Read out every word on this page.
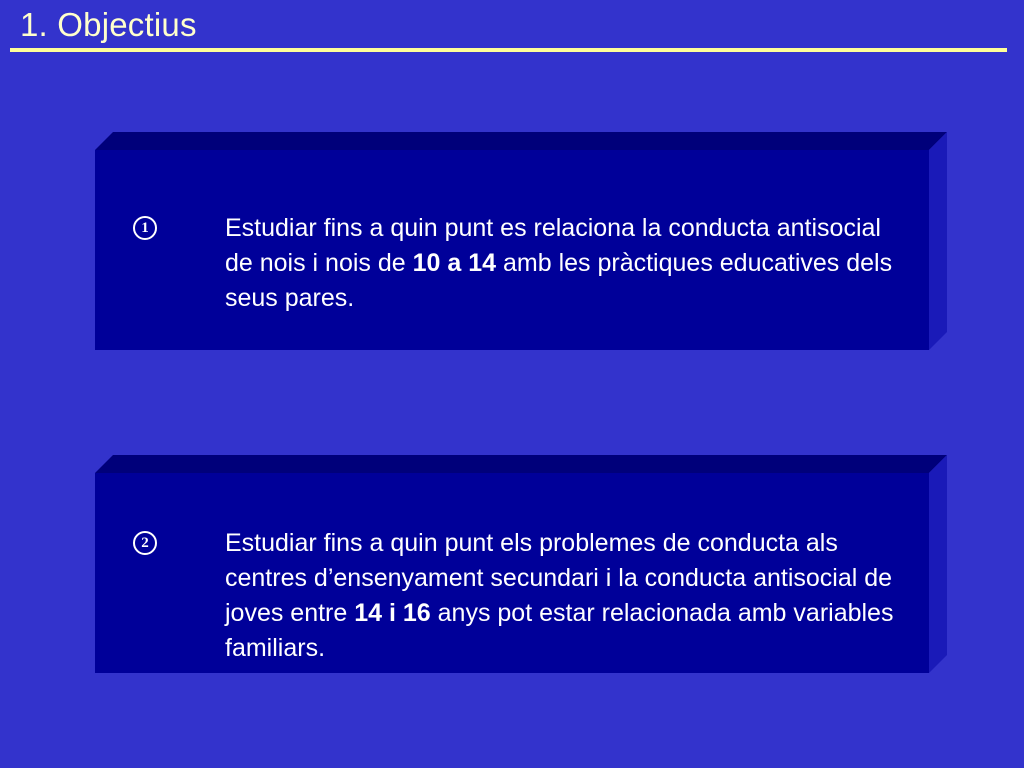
1. Objectius
1	Estudiar fins a quin punt es relaciona la conducta antisocial de nois i nois de 10 a 14 amb les pràctiques educatives dels seus pares.
2	Estudiar fins a quin punt els problemes de conducta als centres d’ensenyament secundari i la conducta antisocial de joves entre 14 i 16 anys pot estar relacionada amb variables familiars.
